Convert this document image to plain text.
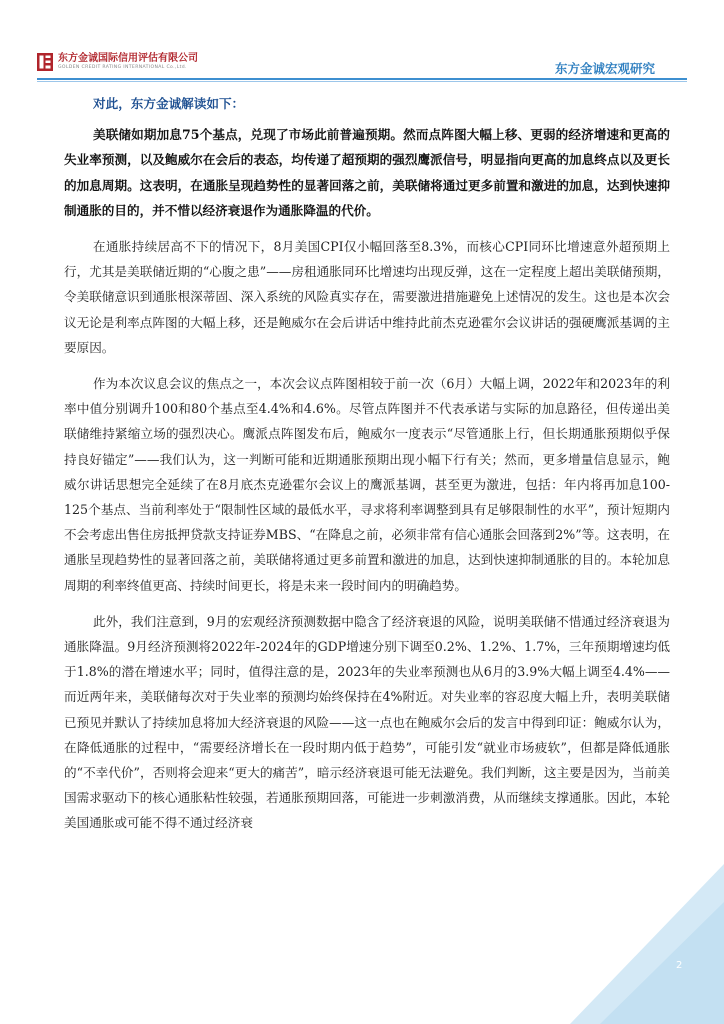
东方金诚国际信用评估有限公司
GOLDEN CREDIT RATING INTERNATIONAL Co.,Ltd.	东方金诚宏观研究

对此，东方金诚解读如下：

美联储如期加息75个基点，兑现了市场此前普遍预期。然而点阵图大幅上移、更弱的经济增速和更高的失业率预测，以及鲍威尔在会后的表态，均传递了超预期的强烈鹰派信号，明显指向更高的加息终点以及更长的加息周期。这表明，在通胀呈现趋势性的显著回落之前，美联储将通过更多前置和激进的加息，达到快速抑制通胀的目的，并不惜以经济衰退作为通胀降温的代价。

在通胀持续居高不下的情况下，8月美国CPI仅小幅回落至8.3%，而核心CPI同环比增速意外超预期上行，尤其是美联储近期的“心腹之患”——房租通胀同环比增速均出现反弹，这在一定程度上超出美联储预期，令美联储意识到通胀根深蒂固、深入系统的风险真实存在，需要激进措施避免上述情况的发生。这也是本次会议无论是利率点阵图的大幅上移，还是鲍威尔在会后讲话中维持此前杰克逊霍尔会议讲话的强硬鹰派基调的主要原因。

作为本次议息会议的焦点之一，本次会议点阵图相较于前一次（6月）大幅上调，2022年和2023年的利率中值分别调升100和80个基点至4.4%和4.6%。尽管点阵图并不代表承诺与实际的加息路径，但传递出美联储维持紧缩立场的强烈决心。鹰派点阵图发布后，鲍威尔一度表示“尽管通胀上行，但长期通胀预期似乎保持良好锚定”——我们认为，这一判断可能和近期通胀预期出现小幅下行有关；然而，更多增量信息显示，鲍威尔讲话思想完全延续了在8月底杰克逊霍尔会议上的鹰派基调，甚至更为激进，包括：年内将再加息100-125个基点、当前利率处于“限制性区域的最低水平，寻求将利率调整到具有足够限制性的水平”，预计短期内不会考虑出售住房抵押贷款支持证券MBS、“在降息之前，必须非常有信心通胀会回落到2%”等。这表明，在通胀呈现趋势性的显著回落之前，美联储将通过更多前置和激进的加息，达到快速抑制通胀的目的。本轮加息周期的利率终值更高、持续时间更长，将是未来一段时间内的明确趋势。

此外，我们注意到，9月的宏观经济预测数据中隐含了经济衰退的风险，说明美联储不惜通过经济衰退为通胀降温。9月经济预测将2022年-2024年的GDP增速分别下调至0.2%、1.2%、1.7%，三年预期增速均低于1.8%的潜在增速水平；同时，值得注意的是，2023年的失业率预测也从6月的3.9%大幅上调至4.4%——而近两年来，美联储每次对于失业率的预测均始终保持在4%附近。对失业率的容忍度大幅上升，表明美联储已预见并默认了持续加息将加大经济衰退的风险——这一点也在鲍威尔会后的发言中得到印证：鲍威尔认为，在降低通胀的过程中，“需要经济增长在一段时期内低于趋势”，可能引发“就业市场疲软”，但都是降低通胀的“不幸代价”，否则将会迎来“更大的痛苦”，暗示经济衰退可能无法避免。我们判断，这主要是因为，当前美国需求驱动下的核心通胀粘性较强，若通胀预期回落，可能进一步刺激消费，从而继续支撑通胀。因此，本轮美国通胀或可能不得不通过经济衰

2
